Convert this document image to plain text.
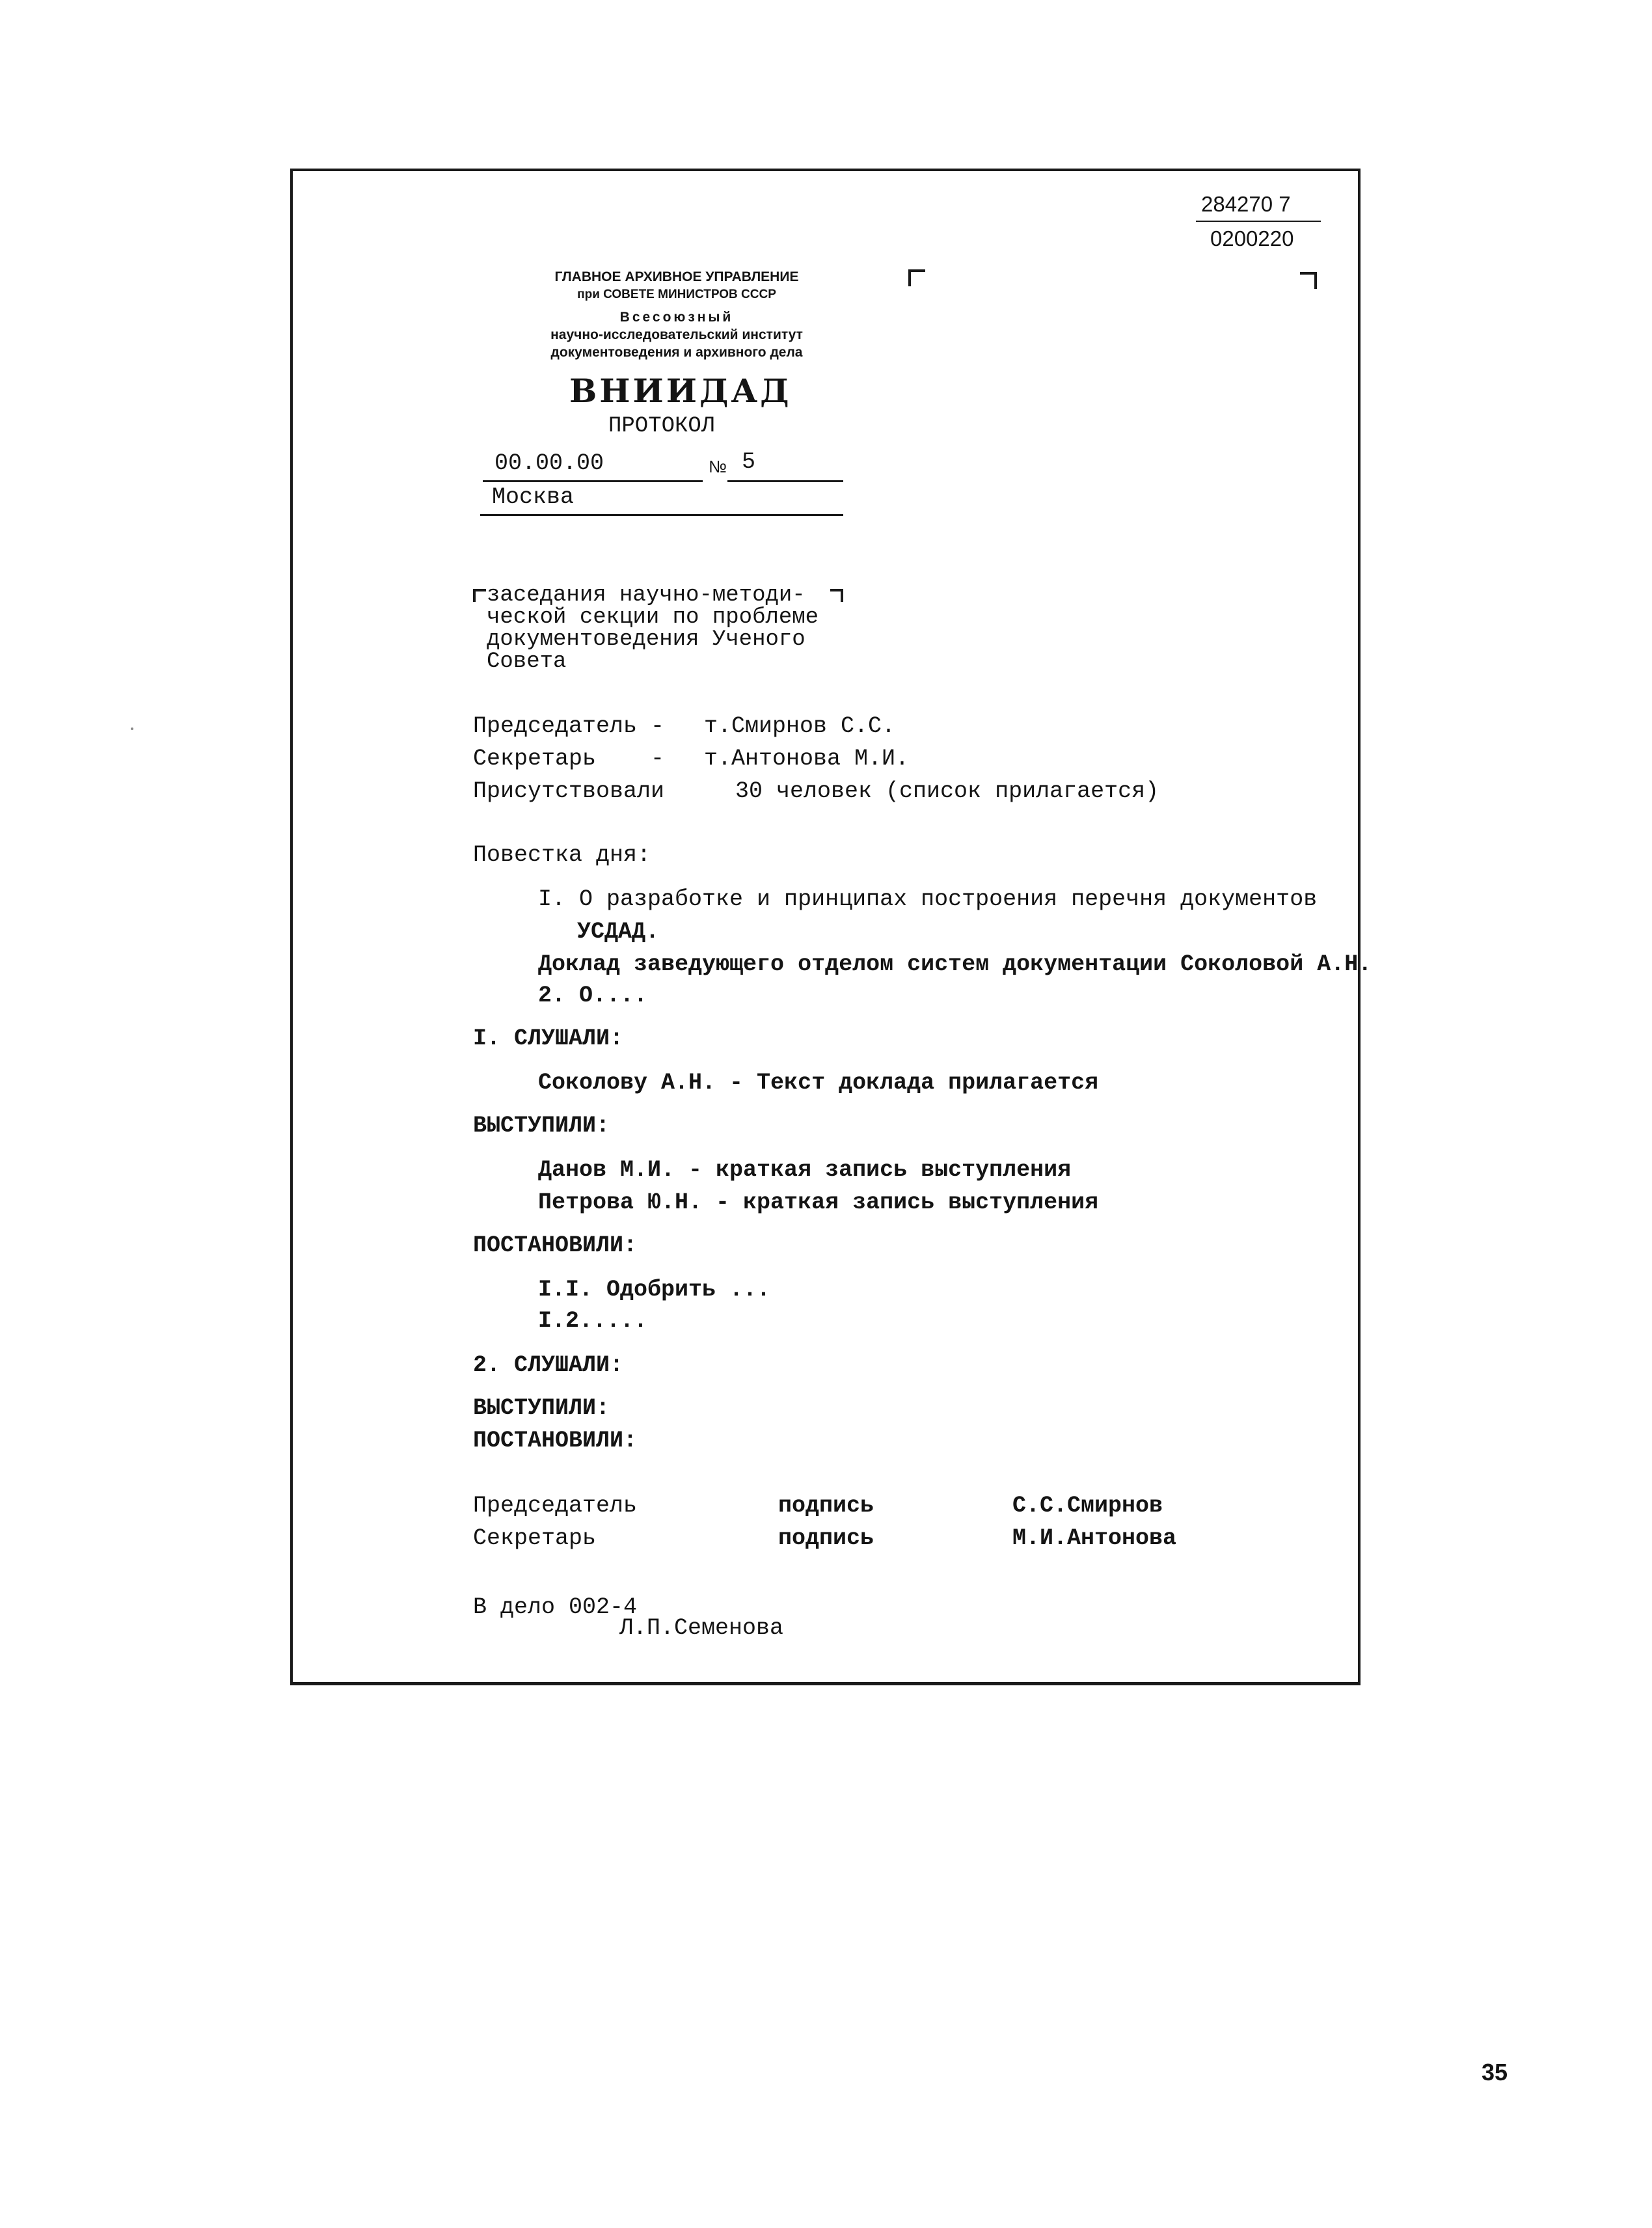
284270 7
0200220
ГЛАВНОЕ АРХИВНОЕ УПРАВЛЕНИЕ
при СОВЕТЕ МИНИСТРОВ СССР
Всесоюзный
научно-исследовательский институт
документоведения и архивного дела
ВНИИДАД
ПРОТОКОЛ
00.00.00	№ 5
Москва
заседания научно-методи-
ческой секции по проблеме
документоведения Ученого
Совета
Председатель - т.Смирнов С.С.
Секретарь    - т.Антонова М.И.
Присутствовали	30 человек (список прилагается)
Повестка дня:
I. О разработке и принципах построения перечня документов
УСДАД.
Доклад заведующего отделом систем документации Соколовой А.Н.
2. О....
I. СЛУШАЛИ:
Соколову А.Н. - Текст доклада прилагается
ВЫСТУПИЛИ:
Данов М.И. - краткая запись выступления
Петрова Ю.Н. - краткая запись выступления
ПОСТАНОВИЛИ:
I.I. Одобрить ...
I.2.....
2. СЛУШАЛИ:
ВЫСТУПИЛИ:
ПОСТАНОВИЛИ:
Председатель	подпись	С.С.Смирнов
Секретарь	подпись	М.И.Антонова
В дело 002-4
Л.П.Семенова
35
